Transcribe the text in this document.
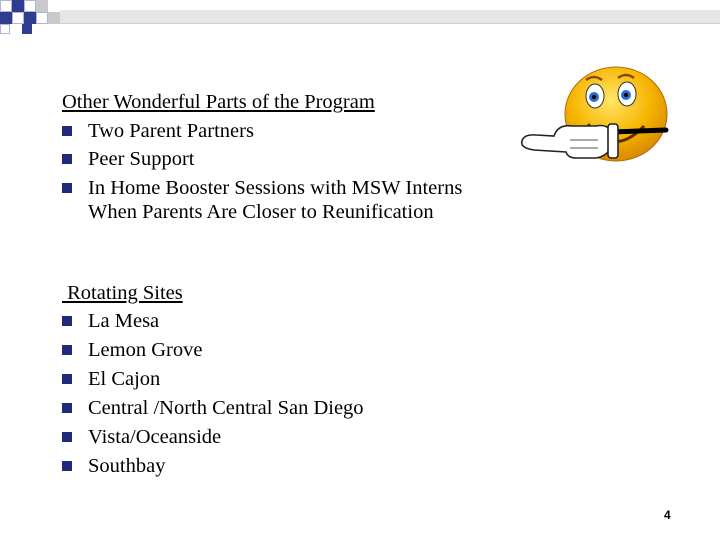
Other Wonderful Parts of the Program
Two Parent Partners
Peer Support
In Home Booster Sessions with MSW Interns When Parents Are Closer to Reunification
Rotating Sites
La Mesa
Lemon Grove
El Cajon
Central /North Central San Diego
Vista/Oceanside
Southbay
4
